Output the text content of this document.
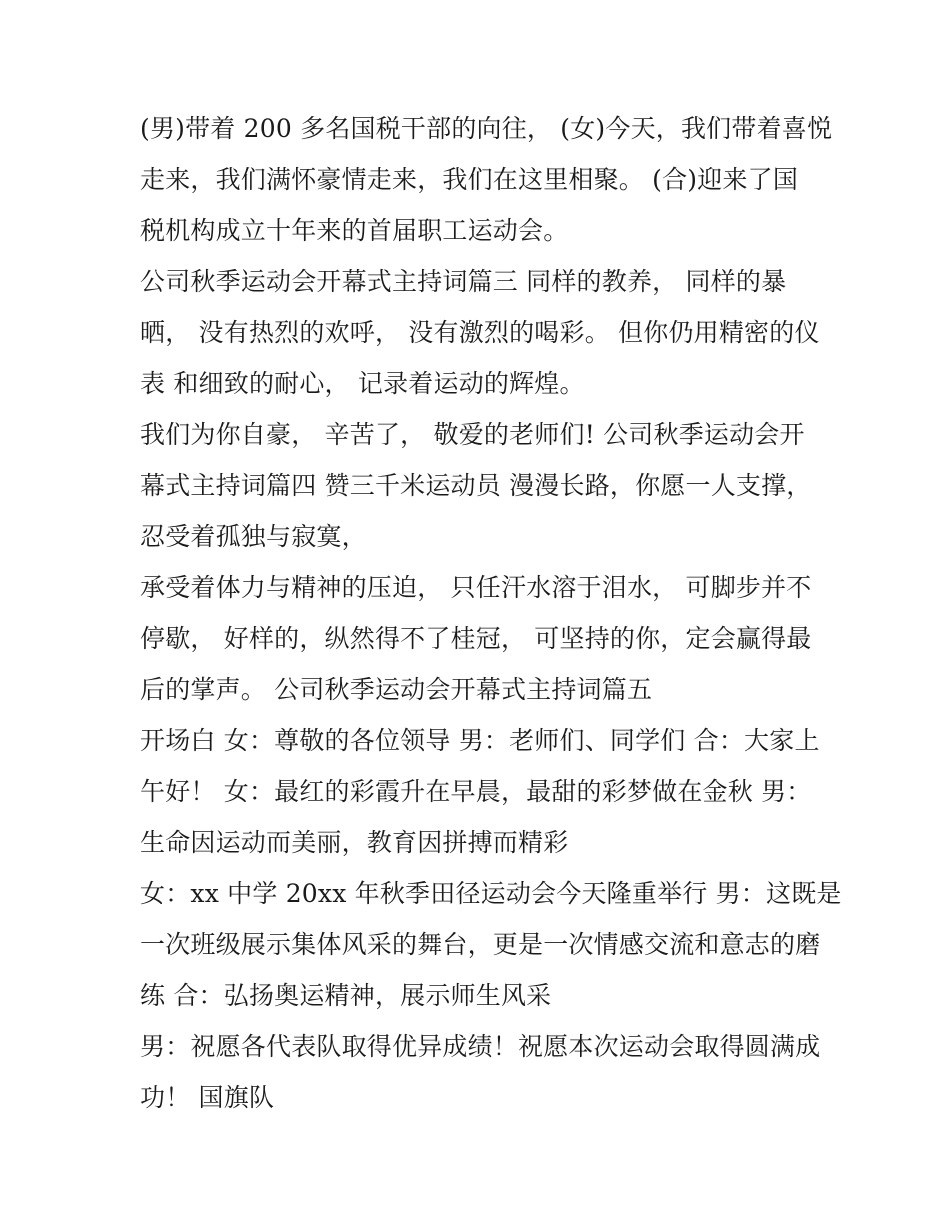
(男)带着 200 多名国税干部的向往， (女)今天，我们带着喜悦
走来，我们满怀豪情走来，我们在这里相聚。 (合)迎来了国
税机构成立十年来的首届职工运动会。
公司秋季运动会开幕式主持词篇三 同样的教养， 同样的暴
晒， 没有热烈的欢呼， 没有激烈的喝彩。 但你仍用精密的仪
表 和细致的耐心， 记录着运动的辉煌。
我们为你自豪， 辛苦了， 敬爱的老师们! 公司秋季运动会开
幕式主持词篇四 赞三千米运动员 漫漫长路，你愿一人支撑，
忍受着孤独与寂寞，
承受着体力与精神的压迫， 只任汗水溶于泪水， 可脚步并不
停歇， 好样的，纵然得不了桂冠， 可坚持的你，定会赢得最
后的掌声。 公司秋季运动会开幕式主持词篇五
开场白 女：尊敬的各位领导 男：老师们、同学们 合：大家上
午好！ 女：最红的彩霞升在早晨，最甜的彩梦做在金秋 男：
生命因运动而美丽，教育因拼搏而精彩
女：xx 中学 20xx 年秋季田径运动会今天隆重举行 男：这既是
一次班级展示集体风采的舞台，更是一次情感交流和意志的磨
练 合：弘扬奥运精神，展示师生风采
男：祝愿各代表队取得优异成绩！祝愿本次运动会取得圆满成
功！ 国旗队
